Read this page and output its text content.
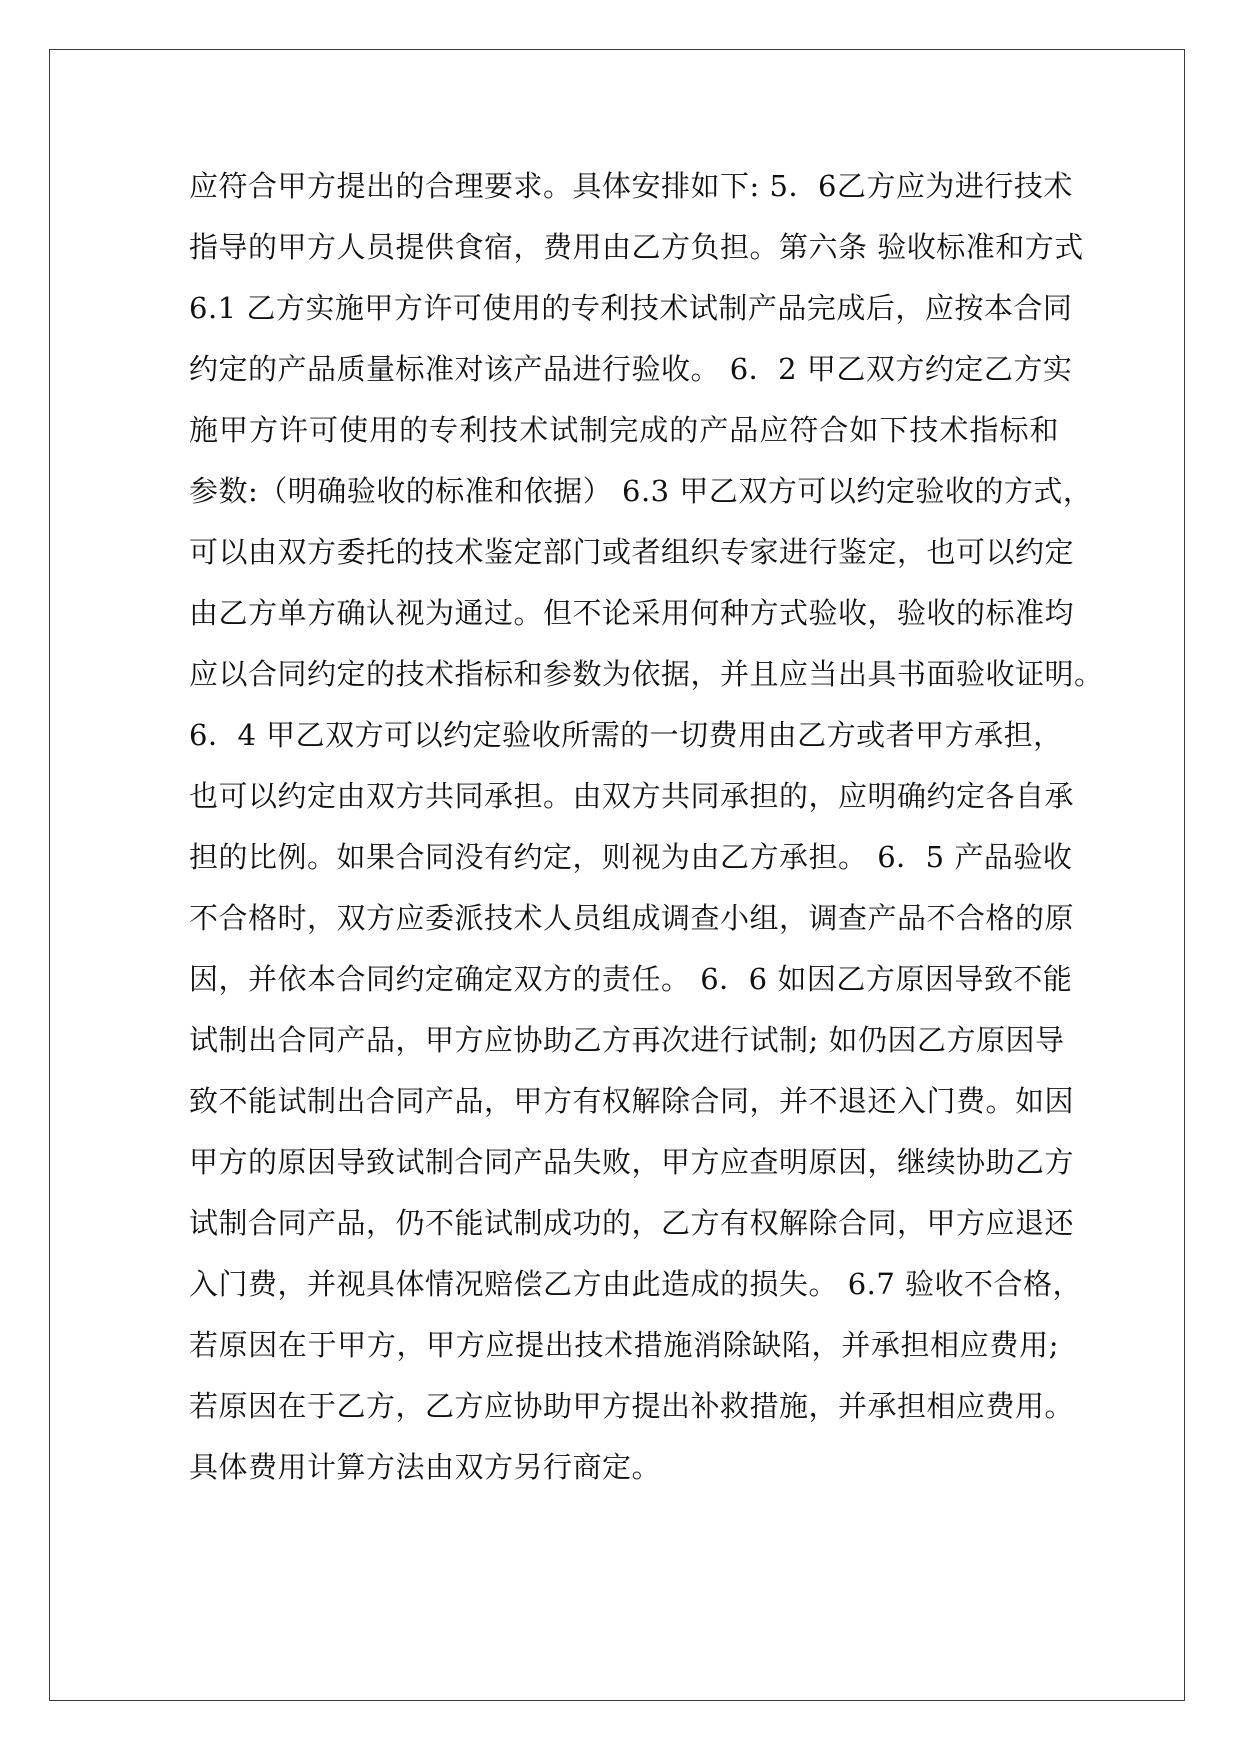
应符合甲方提出的合理要求。具体安排如下: 5．6乙方应为进行技术
指导的甲方人员提供食宿，费用由乙方负担。第六条 验收标准和方式
6.1 乙方实施甲方许可使用的专利技术试制产品完成后，应按本合同
约定的产品质量标准对该产品进行验收。 6．2 甲乙双方约定乙方实
施甲方许可使用的专利技术试制完成的产品应符合如下技术指标和
参数:（明确验收的标准和依据） 6.3 甲乙双方可以约定验收的方式，
可以由双方委托的技术鉴定部门或者组织专家进行鉴定，也可以约定
由乙方单方确认视为通过。但不论采用何种方式验收，验收的标准均
应以合同约定的技术指标和参数为依据，并且应当出具书面验收证明。
6．4 甲乙双方可以约定验收所需的一切费用由乙方或者甲方承担，
也可以约定由双方共同承担。由双方共同承担的，应明确约定各自承
担的比例。如果合同没有约定，则视为由乙方承担。 6．5 产品验收
不合格时，双方应委派技术人员组成调查小组，调查产品不合格的原
因，并依本合同约定确定双方的责任。 6．6 如因乙方原因导致不能
试制出合同产品，甲方应协助乙方再次进行试制; 如仍因乙方原因导
致不能试制出合同产品，甲方有权解除合同，并不退还入门费。如因
甲方的原因导致试制合同产品失败，甲方应查明原因，继续协助乙方
试制合同产品，仍不能试制成功的，乙方有权解除合同，甲方应退还
入门费，并视具体情况赔偿乙方由此造成的损失。 6.7 验收不合格，
若原因在于甲方，甲方应提出技术措施消除缺陷，并承担相应费用;
若原因在于乙方，乙方应协助甲方提出补救措施，并承担相应费用。
具体费用计算方法由双方另行商定。
